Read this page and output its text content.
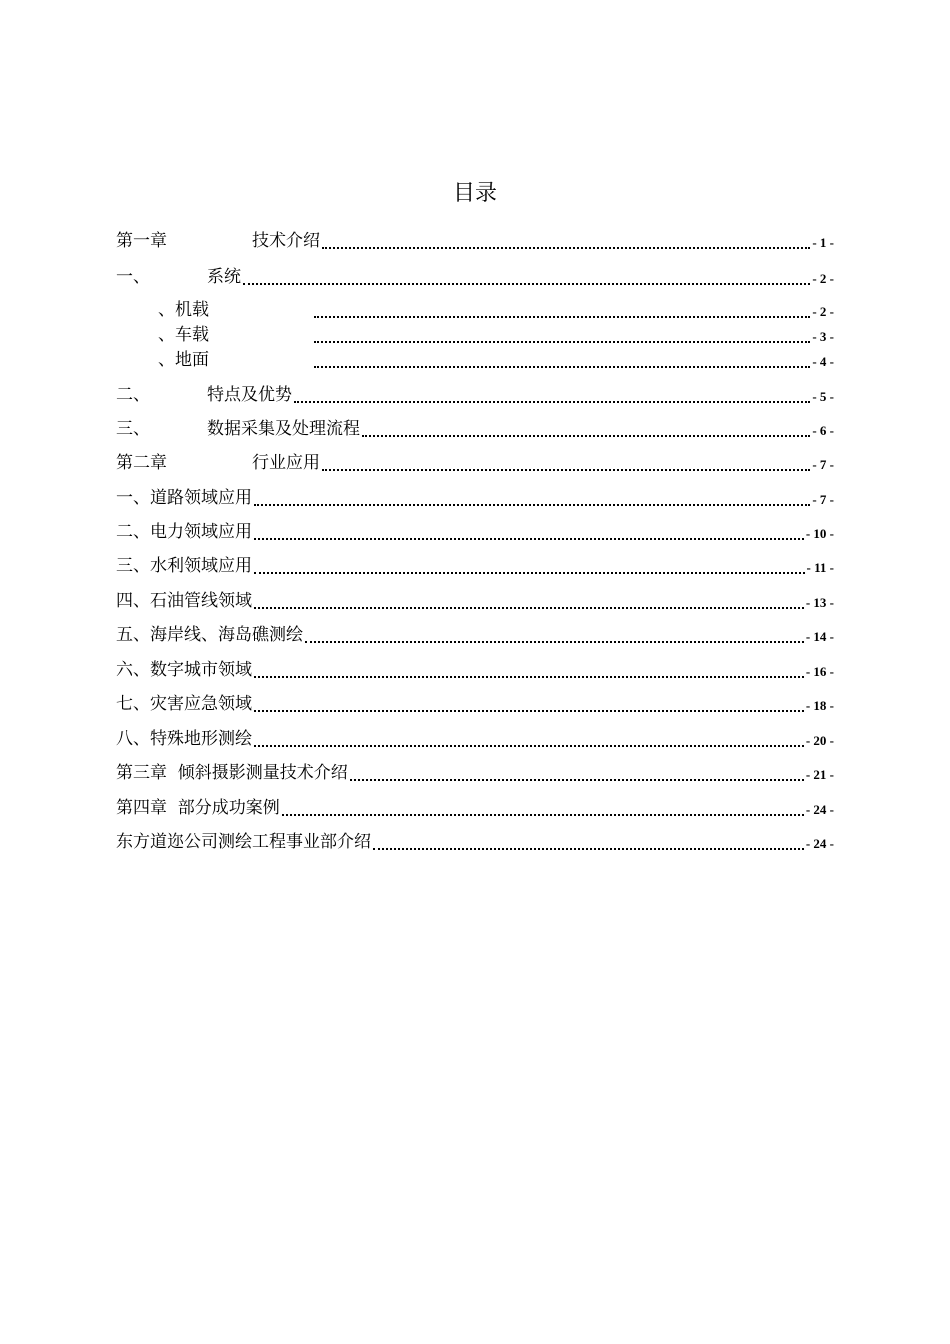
目录
第一章	技术介绍	- 1 -
一、	系统	- 2 -
、机载	- 2 -
、车载	- 3 -
、地面	- 4 -
二、	特点及优势	- 5 -
三、	数据采集及处理流程	- 6 -
第二章	行业应用	- 7 -
一、道路领域应用	- 7 -
二、电力领域应用	- 10 -
三、水利领域应用	- 11 -
四、石油管线领域	- 13 -
五、海岸线、海岛礁测绘	- 14 -
六、数字城市领域	- 16 -
七、灾害应急领域	- 18 -
八、特殊地形测绘	- 20 -
第三章  倾斜摄影测量技术介绍	- 21 -
第四章  部分成功案例	- 24 -
东方道迩公司测绘工程事业部介绍	- 24 -
